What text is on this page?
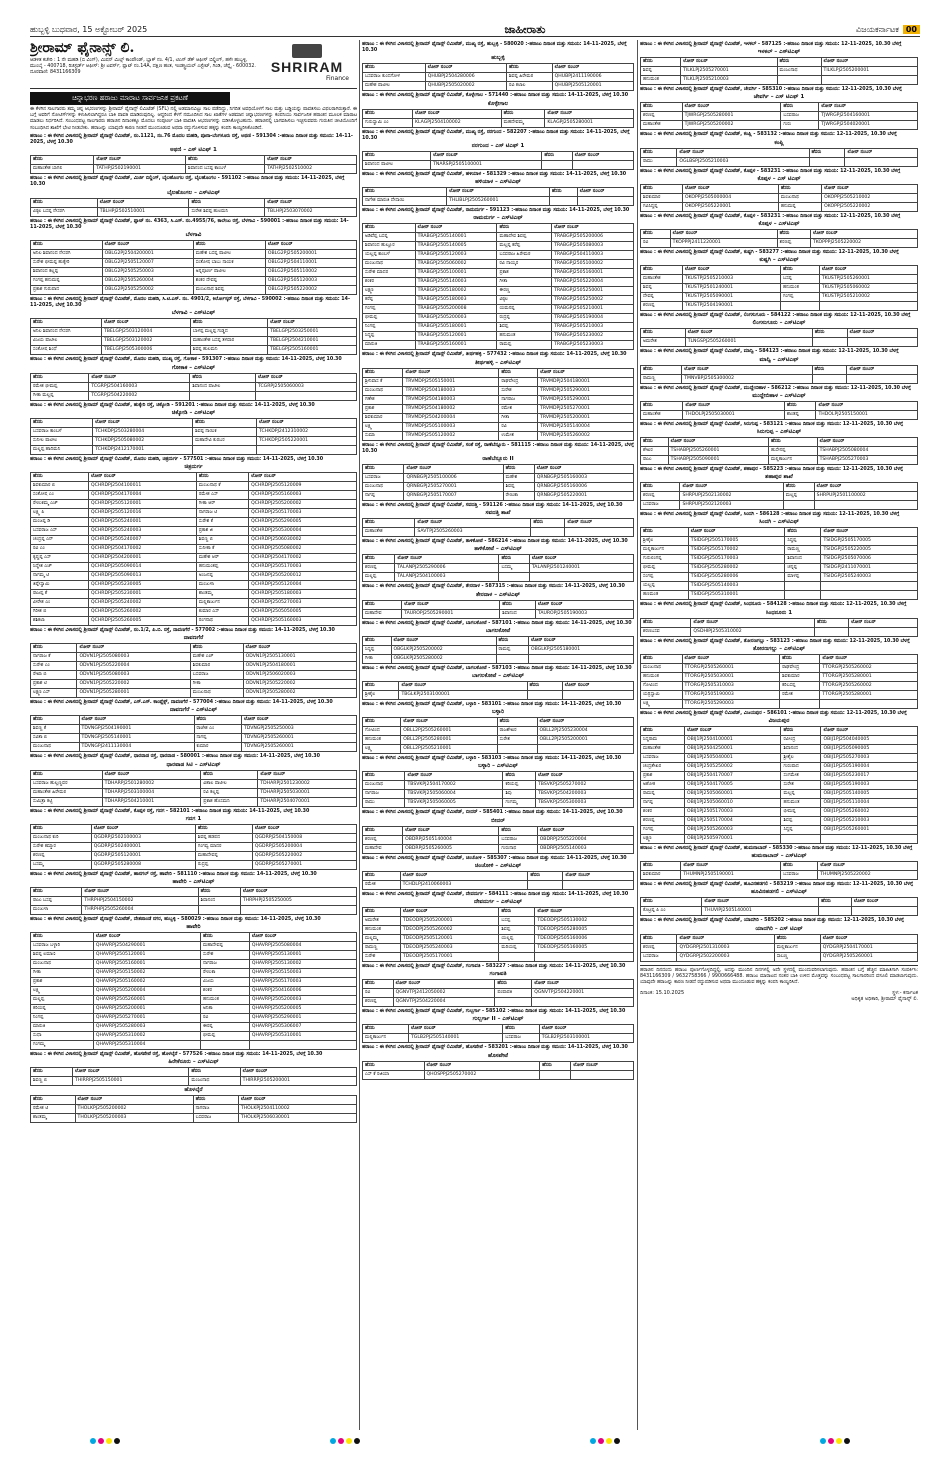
ಹುಬ್ಬಳ್ಳಿ ಬುಧವಾರ, 15 ಅಕ್ಟೋಬರ್ 2025	ಜಾಹೀರಾತು	ವಿಜಯಕರ್ನಾಟಕ 00
ಶ್ರೀರಾಮ್ ಫೈನಾನ್ಸ್ ಲಿ.
ಆಡಳಿತ ಕಚೇರಿ : 1 ನೇ ಮಹಡಿ (ಬಿ ವಿಂಗ್), ಮಿಷನ್ ಮಿಲ್ಸ್ ಕಾಂಪೌಂಡ್, ಬ್ಲಾಕ್ ನಂ. 4/1, ಟಿಎಸ್ ಡೆಕ್ ಆಫೀಸ್ ಬಿಲ್ಡಿಂಗ್, ಹಳೇ ಹುಬ್ಬಳ್ಳಿ, ಮುಂಬೈ - 400718, ರಿಜಿಸ್ಟರ್ಡ್ ಆಫೀಸ್: ಶ್ರೀ ಟವರ್ಸ್, ಪ್ಲಾಟ್ ನಂ.14A, ದಕ್ಷಿಣ ಹಂತ, ಇಂಡಸ್ಟ್ರಿಯಲ್ ಎಸ್ಟೇಟ್, ಗಿಂಡಿ, ಚೆನ್ನೈ - 600032. ದೂರವಾಣಿ: 8431166309	SHRIRAM
Finance
ಚಿನ್ನಾಭರಣ ಹರಾಜು ಮಾರಾಟ ಸಾರ್ವಜನಿಕ ಪ್ರಕಟಣೆ
ಈ ಕೆಳಗಿನ ಸಾಲಗಾರರು ತಮ್ಮ ಚಿನ್ನ ಆಭರಣಗಳನ್ನು ಶ್ರೀರಾಮ್ ಫೈನಾನ್ಸ್ ಲಿಮಿಟೆಡ್ (SFL) ನಲ್ಲಿ ಅಡಮಾನವಿಟ್ಟು ಸಾಲ ಪಡೆದಿದ್ದು, ನಿಗದಿತ ಅವಧಿಯೊಳಗೆ ಸಾಲ ಮತ್ತು ಬಡ್ಡಿಯನ್ನು ಪಾವತಿಸಲು ವಿಫಲರಾಗಿರುತ್ತಾರೆ. ಈ ಬಗ್ಗೆ ಅವರಿಗೆ ನೋಟಿಸ್‌ಗಳನ್ನು ಕಳುಹಿಸಲಾಗಿದ್ದರೂ ಬಾಕಿ ಪಾವತಿ ಮಾಡಿರುವುದಿಲ್ಲ. ಆದ್ದರಿಂದ ಕೆಳಗೆ ನಮೂದಿಸಿದ ಸಾಲ ಖಾತೆಗಳ ಅಡಮಾನ ಚಿನ್ನಾಭರಣಗಳನ್ನು ಕಂಪನಿಯು ಸಾರ್ವಜನಿಕ ಹರಾಜಿನ ಮೂಲಕ ಮಾರಾಟ ಮಾಡಲು ನಿರ್ಧರಿಸಿದೆ. ಸಂಬಂಧಪಟ್ಟ ಸಾಲಗಾರರು ಹರಾಜಿನ ದಿನಾಂಕಕ್ಕೂ ಮೊದಲು ಸಂಪೂರ್ಣ ಬಾಕಿ ಪಾವತಿಸಿ ಆಭರಣಗಳನ್ನು ಬಿಡಿಸಿಕೊಳ್ಳಬಹುದು. ಹರಾಜಿನಲ್ಲಿ ಭಾಗವಹಿಸಲು ಇಚ್ಛಿಸುವವರು ಗುರುತಿನ ಚೀಟಿಯೊಂದಿಗೆ ಸಂಬಂಧಿಸಿದ ಶಾಖೆಗೆ ಭೇಟಿ ನೀಡಬೇಕು. ಹರಾಜನ್ನು ಯಾವುದೇ ಕಾರಣ ನೀಡದೆ ಮುಂದೂಡುವ ಅಥವಾ ರದ್ದುಗೊಳಿಸುವ ಹಕ್ಕನ್ನು ಕಂಪನಿ ಕಾಯ್ದಿರಿಸಿಕೊಂಡಿದೆ.
ಹರಾಜು : ಈ ಕೆಳಗಿನ ವಿಳಾಸದಲ್ಲಿ ಶ್ರೀರಾಮ್ ಫೈನಾನ್ಸ್ ಲಿಮಿಟೆಡ್, ನಂ.1121, ನಂ.76 ಮೊದಲ ಮಹಡಿ, ಪೂನಾ-ಬೆಂಗಳೂರು ರಸ್ತೆ, ಅಥಣಿ - 591304 :-ಹರಾಜು ದಿನಾಂಕ ಮತ್ತು ಸಮಯ: 14-11-2025, ಬೆಳಗ್ಗೆ 10.30
ಅಥಣಿ – ಎಸ್ ಟಿಎಫ್ 1
ಹೆಸರು	ಲೋನ್ ನಂಬರ್	ಹೆಸರು	ಲೋನ್ ನಂಬರ್
ಮಹಾಂತೇಶ ಬಾಗಲಿ	TATHPJ2502190001	ಶಿವಾನಂದ ಬಸಪ್ಪ ಕಾಂಬಳೆ	TATHPJ2502510002
ಹರಾಜು : ಈ ಕೆಳಗಿನ ವಿಳಾಸದಲ್ಲಿ ಶ್ರೀರಾಮ್ ಫೈನಾನ್ಸ್ ಲಿಮಿಟೆಡ್, ಮಿರ್ಜಿ ಬಿಲ್ಡಿಂಗ್, ಬೈಲಹೊಂಗಲ ರಸ್ತೆ, ಬೈಲಹೊಂಗಲ - 591102 :-ಹರಾಜು ದಿನಾಂಕ ಮತ್ತು ಸಮಯ: 14-11-2025, ಬೆಳಗ್ಗೆ 10.30
ಬೈಲಹೊಂಗಲ – ಎಸ್‌ಟಿಎಫ್
ಹೆಸರು	ಲೋನ್ ನಂಬರ್	ಹೆಸರು	ಲೋನ್ ನಂಬರ್
ವಿಠ್ಠಲ ಬಸಪ್ಪ ನೇಸರಗಿ	TBLHPJ2502510001	ಸುರೇಶ ಶಿವಪ್ಪ ಹುಲಮನಿ	TBLHPJ2503070002
ಹರಾಜು : ಈ ಕೆಳಗಿನ ವಿಳಾಸದಲ್ಲಿ ಶ್ರೀರಾಮ್ ಫೈನಾನ್ಸ್ ಲಿಮಿಟೆಡ್, ಪ್ಲಾಟ್ ನಂ. 4363, ಸಿ.ಎಸ್. ನಂ.4955/76, ಕಾಲೇಜು ರಸ್ತೆ, ಬೆಳಗಾವಿ - 590001 :-ಹರಾಜು ದಿನಾಂಕ ಮತ್ತು ಸಮಯ: 14-11-2025, ಬೆಳಗ್ಗೆ 10.30
ಬೆಳಗಾವಿ
ಹೆಸರು	ಲೋನ್ ನಂಬರ್	ಹೆಸರು	ಲೋನ್ ನಂಬರ್
ಅನಿಲ ಶಿವಾನಂದ ನೇಸರಗಿ	OBLG2PJ2504200001	ಮಹೇಶ ಬಸಪ್ಪ ಪಾಟೀಲ	OBLG2PJ2505200001
ಸುರೇಶ ಭೀಮಪ್ಪ ಹುಕ್ಕೇರಿ	OBLG2PJ2505120007	ಸಂತೋಷ ಬಾಬು ನಾಯಕ	OBLG2PJ2504110001
ಶಿವಾನಂದ ಕಲ್ಲಪ್ಪ	OBLG2PJ2505250003	ಅನ್ನಪೂರ್ಣ ಪಾಟೀಲ	OBLG2PJ2505110002
ಗಂಗಪ್ಪ ಹನುಮಪ್ಪ	OBLG2PJ2505260004	ಶಂಕರ ದೇವಪ್ಪ	OBLG2PJ2505120003
ಪ್ರಕಾಶ ಗುರುಪಾದ	OBLG2PJ2505250002	ಮಂಜುನಾಥ ಶಿವಪ್ಪ	OBLG2PJ2505220002
ಹರಾಜು : ಈ ಕೆಳಗಿನ ವಿಳಾಸದಲ್ಲಿ ಶ್ರೀರಾಮ್ ಫೈನಾನ್ಸ್ ಲಿಮಿಟೆಡ್, ಮೊದಲ ಮಹಡಿ, ಸಿ.ಟಿ.ಎಸ್. ನಂ. 4901/2, ಕಿರ್ಲೋಸ್ಕರ್ ರಸ್ತೆ, ಬೆಳಗಾವಿ - 590002 :-ಹರಾಜು ದಿನಾಂಕ ಮತ್ತು ಸಮಯ: 14-11-2025, ಬೆಳಗ್ಗೆ 10.30
ಬೆಳಗಾವಿ – ಎಸ್‌ಟಿಎಫ್
ಹೆಸರು	ಲೋನ್ ನಂಬರ್	ಹೆಸರು	ಲೋನ್ ನಂಬರ್
ಅನಿಲ ಶಿವಾನಂದ ನೇಸರಗಿ	TBELGPJ2503120004	ಬಾಳಪ್ಪ ಮಲ್ಲಪ್ಪ ಗುಡ್ಡದ	TBELGPJ2503250001
ವಿಜಯ ಪಾಟೀಲ	TBELGPJ2503120002	ಮಹಾಂತೇಶ ಬಸಪ್ಪ ತಳವಾರ	TBELGPJ2504210001
ಸಂತೋಷ ಶಿಂಧೆ	TBELGPJ2505300006	ಶಿವಪ್ಪ ಹುಲಮನಿ	TBELGPJ2505160001
ಹರಾಜು : ಈ ಕೆಳಗಿನ ವಿಳಾಸದಲ್ಲಿ ಶ್ರೀರಾಮ್ ಫೈನಾನ್ಸ್ ಲಿಮಿಟೆಡ್, ಮೊದಲ ಮಹಡಿ, ಮುಖ್ಯ ರಸ್ತೆ, ಗೋಕಾಕ - 591307 :-ಹರಾಜು ದಿನಾಂಕ ಮತ್ತು ಸಮಯ: 14-11-2025, ಬೆಳಗ್ಗೆ 10.30
ಗೋಕಾಕ – ಎಸ್‌ಟಿಎಫ್
ಹೆಸರು	ಲೋನ್ ನಂಬರ್	ಹೆಸರು	ಲೋನ್ ನಂಬರ್
ರಮೇಶ ಭೀಮಪ್ಪ	TCGRPJ2504160003	ಶಿವಾನಂದ ಪಾಟೀಲ	TCGRPJ2505060003
ಗೀತಾ ಮಲ್ಲಪ್ಪ	TCGRPJ2504220002		
ಹರಾಜು : ಈ ಕೆಳಗಿನ ವಿಳಾಸದಲ್ಲಿ ಶ್ರೀರಾಮ್ ಫೈನಾನ್ಸ್ ಲಿಮಿಟೆಡ್, ಹುಕ್ಕೇರಿ ರಸ್ತೆ, ಚಿಕ್ಕೋಡಿ - 591201 :-ಹರಾಜು ದಿನಾಂಕ ಮತ್ತು ಸಮಯ: 14-11-2025, ಬೆಳಗ್ಗೆ 10.30
ಚಿಕ್ಕೋಡಿ – ಎಸ್‌ಟಿಎಫ್
ಹೆಸರು	ಲೋನ್ ನಂಬರ್	ಹೆಸರು	ಲೋನ್ ನಂಬರ್
ಬಸವರಾಜ ಕಾಂಬಳೆ	TCHKDPJ2503280004	ಶಿವಪ್ಪ ನಾಯಿಕ	TCHKDPJ2412310002
ಸುನೀಲ ಪಾಟೀಲ	TCHKDPJ2505080002	ಮಹಾದೇವಿ ಕುರಬರ	TCHKDPJ2505220001
ಮಲ್ಲಪ್ಪ ಹಾದಿಮನಿ	TCHKDPJ2412170001		
ಹರಾಜು : ಈ ಕೆಳಗಿನ ವಿಳಾಸದಲ್ಲಿ ಶ್ರೀರಾಮ್ ಫೈನಾನ್ಸ್ ಲಿಮಿಟೆಡ್, ಮೊದಲ ಮಹಡಿ, ಚಿತ್ರದುರ್ಗ - 577501 :-ಹರಾಜು ದಿನಾಂಕ ಮತ್ತು ಸಮಯ: 14-11-2025, ಬೆಳಗ್ಗೆ 10.30
ಚಿತ್ರದುರ್ಗ
ಹೆಸರು	ಲೋನ್ ನಂಬರ್	ಹೆಸರು	ಲೋನ್ ನಂಬರ್
ಶಿವಕುಮಾರ ಬಿ	QCHRDPJ2504100011	ಮಂಜುನಾಥ ಕೆ	QCHRDPJ2505120009
ಸಂತೋಷ ಎಂ	QCHRDPJ2504170004	ರಮೇಶ ಎಸ್	QCHRDPJ2505160003
ರೇಣುಕಮ್ಮ ಎಚ್	QCHRDPJ2505120001	ಗೀತಾ ಆರ್	QCHRDPJ2505200002
ಲಕ್ಷ್ಮಿ ಪಿ	QCHRDPJ2505120016	ನಾಗರಾಜ ಟಿ	QCHRDPJ2505170003
ಮಂಜಪ್ಪ ಡಿ	QCHRDPJ2505240001	ಸುರೇಶ ಕೆ	QCHRDPJ2505290005
ಬಸವರಾಜ ಎಸ್	QCHRDPJ2505240003	ಪ್ರಕಾಶ ಜಿ	QCHRDPJ2505300004
ಚಂದ್ರಪ್ಪ ಎನ್	QCHRDPJ2505240007	ಶಿವಣ್ಣ ಬಿ	QCHRDPJ2506030002
ರವಿ ಎಂ	QCHRDPJ2504170002	ಸುನೀತಾ ಕೆ	QCHRDPJ2505080002
ಕೃಷ್ಣಪ್ಪ ಎಸ್	QCHRDPJ2504200001	ಮಹೇಶ ಆರ್	QCHRDPJ2504170002
ಸಿದ್ದೇಶ ಎಚ್	QCHRDPJ2505090014	ಹನುಮಂತಪ್ಪ	QCHRDPJ2505170003
ನಾಗಮ್ಮ ಟಿ	QCHRDPJ2505090013	ಅಂಜನಪ್ಪ	QCHRDPJ2505200012
ತಿಪ್ಪೇಸ್ವಾಮಿ	QCHRDPJ2505230005	ಮಂಜುಳಾ	QCHRDPJ2505120004
ರಾಜಪ್ಪ ಕೆ	QCHRDPJ2505230001	ಶಾಂತಮ್ಮ	QCHRDPJ2505180003
ವೀರೇಶ ಎಂ	QCHRDPJ2505240002	ಮಲ್ಲಿಕಾರ್ಜುನ	QCHRDPJ2505270003
ಗಿರೀಶ ಬಿ	QCHRDPJ2505260002	ಕುಮಾರ ಎಸ್	QCHRDPJ2505050005
ಶಶಿಕಲಾ	QCHRDPJ2505260005	ರಂಗನಾಥ	QCHRDPJ2505160003
ಹರಾಜು : ಈ ಕೆಳಗಿನ ವಿಳಾಸದಲ್ಲಿ ಶ್ರೀರಾಮ್ ಫೈನಾನ್ಸ್ ಲಿಮಿಟೆಡ್, ನಂ.1/2, ಪಿ.ಬಿ. ರಸ್ತೆ, ದಾವಣಗೆರೆ - 577002 :-ಹರಾಜು ದಿನಾಂಕ ಮತ್ತು ಸಮಯ: 14-11-2025, ಬೆಳಗ್ಗೆ 10.30
ದಾವಣಗೆರೆ
ಹೆಸರು	ಲೋನ್ ನಂಬರ್	ಹೆಸರು	ಲೋನ್ ನಂಬರ್
ನಾಗರಾಜ ಕೆ	ODVN1PJ2505080003	ಮಹೇಶ ಎಚ್	ODVN1PJ2505130001
ಸುರೇಶ ಎಂ	ODVN1PJ2505220004	ಶಿವಕುಮಾರ	ODVN1PJ2504180001
ರೇಖಾ ಬಿ	ODVN1PJ2505080003	ಬಸವರಾಜ	ODVN1PJ2506020003
ಪ್ರಕಾಶ ಟಿ	ODVN1PJ2505220002	ಗೀತಾ	ODVN1PJ2505220002
ಲಕ್ಷ್ಮಣ ಎಸ್	ODVN1PJ2505280001	ಮಂಜುನಾಥ	ODVN1PJ2505280002
ಹರಾಜು : ಈ ಕೆಳಗಿನ ವಿಳಾಸದಲ್ಲಿ ಶ್ರೀರಾಮ್ ಫೈನಾನ್ಸ್ ಲಿಮಿಟೆಡ್, ಎಸ್.ಎಸ್. ಕಾಂಪ್ಲೆಕ್ಸ್, ದಾವಣಗೆರೆ - 577004 :-ಹರಾಜು ದಿನಾಂಕ ಮತ್ತು ಸಮಯ: 14-11-2025, ಬೆಳಗ್ಗೆ 10.30
ದಾವಣಗೆರೆ – ಎಸ್‌ಟಿಎಫ್
ಹೆಸರು	ಲೋನ್ ನಂಬರ್	ಹೆಸರು	ಲೋನ್ ನಂಬರ್
ಶಿವಣ್ಣ ಕೆ	TDVNGPJ2504190001	ರಾಜೇಶ ಎಂ	TDVNGPJ2505250003
ಸವಿತಾ ಬಿ	TDVNGPJ2505140001	ನಾಗಪ್ಪ	TDVNGPJ2505260001
ಮಂಜುನಾಥ	TDVNGPJ2411130004	ಕುಮಾರ	TDVNGPJ2505260001
ಹರಾಜು : ಈ ಕೆಳಗಿನ ವಿಳಾಸದಲ್ಲಿ ಶ್ರೀರಾಮ್ ಫೈನಾನ್ಸ್ ಲಿಮಿಟೆಡ್, ಧಾರವಾಡ ರಸ್ತೆ, ಧಾರವಾಡ - 580001 :-ಹರಾಜು ದಿನಾಂಕ ಮತ್ತು ಸಮಯ: 14-11-2025, ಬೆಳಗ್ಗೆ 10.30
ಧಾರವಾಡ ಸಿಟಿ – ಎಸ್‌ಟಿಎಫ್
ಹೆಸರು	ಲೋನ್ ನಂಬರ್	ಹೆಸರು	ಲೋನ್ ನಂಬರ್
ಬಸವರಾಜ ಹುಲ್ಲಣ್ಣವರ	TDHARPJ2501280002	ವಿಶಾಲ ಪಾಟೀಲ	TDHARPJ2501230002
ಮಹಾಂತೇಶ ಹಿರೇಮಠ	TDHARPJ2503100004	ರವಿ ಕಲ್ಲಪ್ಪ	TDHARPJ2505030001
ಸುಮಿತ್ರಾ ಕಟ್ಟಿ	TDHARPJ2504210001	ಪ್ರಕಾಶ ಹೊಸಮನಿ	TDHARPJ2504070001
ಹರಾಜು : ಈ ಕೆಳಗಿನ ವಿಳಾಸದಲ್ಲಿ ಶ್ರೀರಾಮ್ ಫೈನಾನ್ಸ್ ಲಿಮಿಟೆಡ್, ಕೊಪ್ಪಳ ರಸ್ತೆ, ಗದಗ - 582101 :-ಹರಾಜು ದಿನಾಂಕ ಮತ್ತು ಸಮಯ: 14-11-2025, ಬೆಳಗ್ಗೆ 10.30
ಗದಗ 1
ಹೆಸರು	ಲೋನ್ ನಂಬರ್	ಹೆಸರು	ಲೋನ್ ನಂಬರ್
ಮಂಜುನಾಥ ಕುರಿ	QGDRPJ2502100003	ಶಿವಪ್ಪ ಹಡಪದ	QGDRPJ2504150008
ಸುರೇಶ ಕಮ್ಮಾರ	QGDRPJ2502400001	ಗಂಗವ್ವ ಮಾದರ	QGDRPJ2505200004
ಶರಣಪ್ಪ	QGDRPJ2505120001	ಮಹಾದೇವಪ್ಪ	QGDRPJ2505220002
ಬಸಮ್ಮ	QGDRPJ2505280008	ರುದ್ರಪ್ಪ	QGDRPJ2505270001
ಹರಾಜು : ಈ ಕೆಳಗಿನ ವಿಳಾಸದಲ್ಲಿ ಶ್ರೀರಾಮ್ ಫೈನಾನ್ಸ್ ಲಿಮಿಟೆಡ್, ಹಾನಗಲ್ ರಸ್ತೆ, ಹಾವೇರಿ - 581110 :-ಹರಾಜು ದಿನಾಂಕ ಮತ್ತು ಸಮಯ: 14-11-2025, ಬೆಳಗ್ಗೆ 10.30
ಹಾವೇರಿ – ಎಸ್‌ಟಿಎಫ್
ಹೆಸರು	ಲೋನ್ ನಂಬರ್	ಹೆಸರು	ಲೋನ್ ನಂಬರ್
ರಾಜು ಬಸಪ್ಪ	THRPHPJ2504150002	ಶಿವಾನಂದ	THRPHPJ2505250005
ಮಂಜುಳಾ	THRPHPJ2505260004		
ಹರಾಜು : ಈ ಕೆಳಗಿನ ವಿಳಾಸದಲ್ಲಿ ಶ್ರೀರಾಮ್ ಫೈನಾನ್ಸ್ ಲಿಮಿಟೆಡ್, ದೇಶಪಾಂಡೆ ನಗರ, ಹುಬ್ಬಳ್ಳಿ - 580029 :-ಹರಾಜು ದಿನಾಂಕ ಮತ್ತು ಸಮಯ: 14-11-2025, ಬೆಳಗ್ಗೆ 10.30
ಹಾವೇರಿ
ಹೆಸರು	ಲೋನ್ ನಂಬರ್	ಹೆಸರು	ಲೋನ್ ನಂಬರ್
ಬಸವರಾಜ ಬಳ್ಳಾರಿ	QHAVRPJ2504290001	ಮಹಾದೇವಪ್ಪ	QHAVRPJ2505080004
ಶಿವಪ್ಪ ಲಮಾಣಿ	QHAVRPJ2505120001	ಸುರೇಶ	QHAVRPJ2505130001
ಮಂಜುನಾಥ	QHAVRPJ2505160001	ನಾಗರಾಜ	QHAVRPJ2505130002
ಗೀತಾ	QHAVRPJ2505150002	ರೇಣುಕಾ	QHAVRPJ2505150003
ಪ್ರಕಾಶ	QHAVRPJ2505160002	ವಿಜಯ	QHAVRPJ2505170003
ಲಕ್ಷ್ಮಿ	QHAVRPJ2505200004	ಶಂಕರ	QHAVRPJ2504160006
ಮಲ್ಲಪ್ಪ	QHAVRPJ2505260001	ಹನುಮಂತ	QHAVRPJ2505200003
ಕರಿಯಪ್ಪ	QHAVRPJ2505200001	ಅನಿತಾ	QHAVRPJ2505200005
ನಿಂಗಪ್ಪ	QHAVRPJ2505270001	ರವಿ	QHAVRPJ2505290001
ಮಾರುತಿ	QHAVRPJ2505280003	ಈರಪ್ಪ	QHAVRPJ2505306007
ಸುಧಾ	QHAVRPJ2505310002	ಭೀಮಪ್ಪ	QHAVRPJ2505310001
ಗಂಗಮ್ಮ	QHAVRPJ2505310004		
ಹರಾಜು : ಈ ಕೆಳಗಿನ ವಿಳಾಸದಲ್ಲಿ ಶ್ರೀರಾಮ್ ಫೈನಾನ್ಸ್ ಲಿಮಿಟೆಡ್, ಹೊಸಪೇಟೆ ರಸ್ತೆ, ಹೊಳಲ್ಕೆರೆ - 577526 :-ಹರಾಜು ದಿನಾಂಕ ಮತ್ತು ಸಮಯ: 14-11-2025, ಬೆಳಗ್ಗೆ 10.30
ಹಿರೇಕೆರೂರು – ಎಸ್‌ಟಿಎಫ್
ಹೆಸರು	ಲೋನ್ ನಂಬರ್	ಹೆಸರು	ಲೋನ್ ನಂಬರ್
ಶಿವಣ್ಣ ಬಿ	THIRRPJ2505150001	ಮಂಜುನಾಥ	THIRRPJ2505200001
ಹೊಳಲ್ಕೆರೆ
ಹೆಸರು	ಲೋನ್ ನಂಬರ್	ಹೆಸರು	ಲೋನ್ ನಂಬರ್
ರಮೇಶ ಟಿ	THOLKPJ2505200002	ನಾಗರಾಜ	THOLKPJ2504110002
ಶಾಂತಮ್ಮ	THOLKPJ2505200003	ಬಸವರಾಜ	THOLKPJ2506030001
ಹರಾಜು : ಈ ಕೆಳಗಿನ ವಿಳಾಸದಲ್ಲಿ ಶ್ರೀರಾಮ್ ಫೈನಾನ್ಸ್ ಲಿಮಿಟೆಡ್, ಮುಖ್ಯ ರಸ್ತೆ, ಹುಬ್ಬಳ್ಳಿ - 580020 :-ಹರಾಜು ದಿನಾಂಕ ಮತ್ತು ಸಮಯ: 14-11-2025, ಬೆಳಗ್ಗೆ 10.30
ಹುಬ್ಬಳ್ಳಿ
ಹೆಸರು	ಲೋನ್ ನಂಬರ್	ಹೆಸರು	ಲೋನ್ ನಂಬರ್
ಬಸವರಾಜ ಕುಂದಗೋಳ	QHUBPJ2504280006	ಶಿವಪ್ಪ ಹಿರೇಮಠ	QHUBPJ2411190006
ಮಹೇಶ ಪಾಟೀಲ	QHUBPJ2505020002	ರವಿ ಕಲಾಲ	QHUBPJ2505120001
ಹರಾಜು : ಈ ಕೆಳಗಿನ ವಿಳಾಸದಲ್ಲಿ ಶ್ರೀರಾಮ್ ಫೈನಾನ್ಸ್ ಲಿಮಿಟೆಡ್, ಕೊಳ್ಳೇಗಾಲ - 571440 :-ಹರಾಜು ದಿನಾಂಕ ಮತ್ತು ಸಮಯ: 14-11-2025, ಬೆಳಗ್ಗೆ 10.30
ಕೊಳ್ಳೇಗಾಲ
ಹೆಸರು	ಲೋನ್ ನಂಬರ್	ಹೆಸರು	ಲೋನ್ ನಂಬರ್
ಗುರುಸ್ವಾಮಿ ಎಂ	KLAGPJ2504100002	ಮಹದೇವಮ್ಮ	KLAGPJ2505280001
ಹರಾಜು : ಈ ಕೆಳಗಿನ ವಿಳಾಸದಲ್ಲಿ ಶ್ರೀರಾಮ್ ಫೈನಾನ್ಸ್ ಲಿಮಿಟೆಡ್, ಮುಖ್ಯ ರಸ್ತೆ, ನರಗುಂದ - 582207 :-ಹರಾಜು ದಿನಾಂಕ ಮತ್ತು ಸಮಯ: 14-11-2025, ಬೆಳಗ್ಗೆ 10.30
ನರಗುಂದ – ಎಸ್ ಟಿಎಫ್ 1
ಹೆಸರು	ಲೋನ್ ನಂಬರ್	ಹೆಸರು	ಲೋನ್ ನಂಬರ್
ಶಿವಾನಂದ ಪಾಟೀಲ	TNARSPJ2505100001		
ಹರಾಜು : ಈ ಕೆಳಗಿನ ವಿಳಾಸದಲ್ಲಿ ಶ್ರೀರಾಮ್ ಫೈನಾನ್ಸ್ ಲಿಮಿಟೆಡ್, ಹಳಿಯಾಳ - 581329 :-ಹರಾಜು ದಿನಾಂಕ ಮತ್ತು ಸಮಯ: 14-11-2025, ಬೆಳಗ್ಗೆ 10.30
ಹಳಿಯಾಳ – ಎಸ್‌ಟಿಎಫ್
ಹೆಸರು	ಲೋನ್ ನಂಬರ್	ಹೆಸರು	ಲೋನ್ ನಂಬರ್
ನಾಗೇಶ ಮಾರುತಿ ದೇಸಾಯಿ	THLIBLPJ2505260001		
ಹರಾಜು : ಈ ಕೆಳಗಿನ ವಿಳಾಸದಲ್ಲಿ ಶ್ರೀರಾಮ್ ಫೈನಾನ್ಸ್ ಲಿಮಿಟೆಡ್, ರಾಮದುರ್ಗ - 591123 :-ಹರಾಜು ದಿನಾಂಕ ಮತ್ತು ಸಮಯ: 14-11-2025, ಬೆಳಗ್ಗೆ 10.30
ರಾಮದುರ್ಗ – ಎಸ್‌ಟಿಎಫ್
ಹೆಸರು	ಲೋನ್ ನಂಬರ್	ಹೆಸರು	ಲೋನ್ ನಂಬರ್
ಅಡಿವೆಪ್ಪ ಬಸಪ್ಪ	TRABGPJ2505140001	ಮಹಾದೇವ ಶಿವಪ್ಪ	TRABGPJ2505200006
ಶಿವಾನಂದ ಹುಲ್ಲೂರ	TRABGPJ2505140005	ಮಲ್ಲಪ್ಪ ಕರೆಪ್ಪ	TRABGPJ2505080003
ಯಲ್ಲಪ್ಪ ಕಾಂಬಳೆ	TRABGPJ2505120003	ಬಸವರಾಜ ಹಿರೇಮಠ	TRABGPJ2504110003
ಮಂಜುನಾಥ	TRABGPJ2505060002	ರವಿ ನಾಯ್ಕರ	TRABGPJ2505100002
ಸುರೇಶ ಮಾದರ	TRABGPJ2505100001	ಪ್ರಕಾಶ	TRABGPJ2505160001
ಶಂಕರ	TRABGPJ2505140003	ಗೀತಾ	TRABGPJ2505220004
ಲಕ್ಷ್ಮಣ	TRABGPJ2505180002	ಈರಣ್ಣ	TRABGPJ2505250001
ಕರೆಪ್ಪ	TRABGPJ2505180003	ವಿಠ್ಠಲ	TRABGPJ2505250002
ಗಂಗಪ್ಪ	TRABGPJ2505200008	ಯಮನಪ್ಪ	TRABGPJ2505210001
ಭೀಮಪ್ಪ	TRABGPJ2505200003	ರುದ್ರಪ್ಪ	TRABGPJ2505190004
ನಿಂಗಪ್ಪ	TRABGPJ2505180001	ಶಿವಪ್ಪ	TRABGPJ2505210003
ಸಿದ್ದಪ್ಪ	TRABGPJ2505120001	ಹನುಮಂತ	TRABGPJ2505230002
ಮಾರುತಿ	TRABGPJ2505160001	ರಾಮಪ್ಪ	TRABGPJ2505230003
ಹರಾಜು : ಈ ಕೆಳಗಿನ ವಿಳಾಸದಲ್ಲಿ ಶ್ರೀರಾಮ್ ಫೈನಾನ್ಸ್ ಲಿಮಿಟೆಡ್, ತೀರ್ಥಹಳ್ಳಿ - 577432 :-ಹರಾಜು ದಿನಾಂಕ ಮತ್ತು ಸಮಯ: 14-11-2025, ಬೆಳಗ್ಗೆ 10.30
ತೀರ್ಥಹಳ್ಳಿ – ಎಸ್‌ಟಿಎಫ್
ಹೆಸರು	ಲೋನ್ ನಂಬರ್	ಹೆಸರು	ಲೋನ್ ನಂಬರ್
ಶ್ರೀನಿವಾಸ ಕೆ	TRVMDPJ2505150001	ರಾಘವೇಂದ್ರ	TRVMDPJ2504180001
ಮಂಜುನಾಥ	TRVMDPJ2504180003	ಸುರೇಶ	TRVMDPJ2505290001
ಗಣೇಶ	TRVMDPJ2504180003	ನಾಗರಾಜ	TRVMDPJ2505290001
ಪ್ರಕಾಶ	TRVMDPJ2504180002	ರಮೇಶ	TRVMDPJ2505270001
ಶಿವಕುಮಾರ	TRVMDPJ2504200004	ಗೀತಾ	TRVMDPJ2505200001
ಲಕ್ಷ್ಮಿ	TRVMDPJ2505100003	ರವಿ	TRVMDPJ2505140004
ಸುಮಾ	TRVMDPJ2505120002	ಉಮೇಶ	TRVMDPJ2505260002
ಹರಾಜು : ಈ ಕೆಳಗಿನ ವಿಳಾಸದಲ್ಲಿ ಶ್ರೀರಾಮ್ ಫೈನಾನ್ಸ್ ಲಿಮಿಟೆಡ್, ಸಂತೆ ರಸ್ತೆ, ರಾಣೆಬೆನ್ನೂರು - 581115 :-ಹರಾಜು ದಿನಾಂಕ ಮತ್ತು ಸಮಯ: 14-11-2025, ಬೆಳಗ್ಗೆ 10.30
ರಾಣೆಬೆನ್ನೂರು II
ಹೆಸರು	ಲೋನ್ ನಂಬರ್	ಹೆಸರು	ಲೋನ್ ನಂಬರ್
ಬಸವರಾಜ	QRNBGPJ2505100006	ಮಹೇಶ	QRNBGPJ2505160003
ಮಂಜುನಾಥ	QRNBGPJ2505270001	ಶಿವಪ್ಪ	QRNBGPJ2505160006
ನಾಗಪ್ಪ	QRNBGPJ2505170007	ರೇಣುಕಾ	QRNBGPJ2505220001
ಹರಾಜು : ಈ ಕೆಳಗಿನ ವಿಳಾಸದಲ್ಲಿ ಶ್ರೀರಾಮ್ ಫೈನಾನ್ಸ್ ಲಿಮಿಟೆಡ್, ಸವದತ್ತಿ - 591126 :-ಹರಾಜು ದಿನಾಂಕ ಮತ್ತು ಸಮಯ: 14-11-2025, ಬೆಳಗ್ಗೆ 10.30
ಸವದತ್ತಿ ಶಾಖೆ
ಹೆಸರು	ಲೋನ್ ನಂಬರ್	ಹೆಸರು	ಲೋನ್ ನಂಬರ್
ಮಹಾಂತೇಶ	SAVTPJ2505260003		
ಹರಾಜು : ಈ ಕೆಳಗಿನ ವಿಳಾಸದಲ್ಲಿ ಶ್ರೀರಾಮ್ ಫೈನಾನ್ಸ್ ಲಿಮಿಟೆಡ್, ತಾಳಿಕೋಟೆ - 586214 :-ಹರಾಜು ದಿನಾಂಕ ಮತ್ತು ಸಮಯ: 14-11-2025, ಬೆಳಗ್ಗೆ 10.30
ತಾಳಿಕೋಟೆ – ಎಸ್‌ಟಿಎಫ್
ಹೆಸರು	ಲೋನ್ ನಂಬರ್	ಹೆಸರು	ಲೋನ್ ನಂಬರ್
ಶರಣಪ್ಪ	TALANPJ2505290006	ಬಸಮ್ಮ	TALANPJ2501240001
ಮಲ್ಲಪ್ಪ	TALANPJ2504100003		
ಹರಾಜು : ಈ ಕೆಳಗಿನ ವಿಳಾಸದಲ್ಲಿ ಶ್ರೀರಾಮ್ ಫೈನಾನ್ಸ್ ಲಿಮಿಟೆಡ್, ತೇರದಾಳ - 587315 :-ಹರಾಜು ದಿನಾಂಕ ಮತ್ತು ಸಮಯ: 14-11-2025, ಬೆಳಗ್ಗೆ 10.30
ತೇರದಾಳ – ಎಸ್‌ಟಿಎಫ್
ಹೆಸರು	ಲೋನ್ ನಂಬರ್	ಹೆಸರು	ಲೋನ್ ನಂಬರ್
ಮಹಾದೇವ	TAUROPJ2505290001	ಶಿವಾನಂದ	TAUROPJ2505190003
ಹರಾಜು : ಈ ಕೆಳಗಿನ ವಿಳಾಸದಲ್ಲಿ ಶ್ರೀರಾಮ್ ಫೈನಾನ್ಸ್ ಲಿಮಿಟೆಡ್, ಬಾಗಲಕೋಟೆ - 587101 :-ಹರಾಜು ದಿನಾಂಕ ಮತ್ತು ಸಮಯ: 14-11-2025, ಬೆಳಗ್ಗೆ 10.30
ಬಾಗಲಕೋಟೆ
ಹೆಸರು	ಲೋನ್ ನಂಬರ್	ಹೆಸರು	ಲೋನ್ ನಂಬರ್
ಸಿದ್ದಪ್ಪ	OBGLKPJ2505200002	ರಾಮಪ್ಪ	OBGLKPJ2505180001
ಗೀತಾ	OBGLKPJ2505280002		
ಹರಾಜು : ಈ ಕೆಳಗಿನ ವಿಳಾಸದಲ್ಲಿ ಶ್ರೀರಾಮ್ ಫೈನಾನ್ಸ್ ಲಿಮಿಟೆಡ್, ಬಾಗಲಕೋಟೆ - 587103 :-ಹರಾಜು ದಿನಾಂಕ ಮತ್ತು ಸಮಯ: 14-11-2025, ಬೆಳಗ್ಗೆ 10.30
ಬಾಗಲಕೋಟೆ – ಎಸ್‌ಟಿಎಫ್
ಹೆಸರು	ಲೋನ್ ನಂಬರ್	ಹೆಸರು	ಲೋನ್ ನಂಬರ್
ಶ್ರೀಶೈಲ	TBGLKPJ2503100001		
ಹರಾಜು : ಈ ಕೆಳಗಿನ ವಿಳಾಸದಲ್ಲಿ ಶ್ರೀರಾಮ್ ಫೈನಾನ್ಸ್ ಲಿಮಿಟೆಡ್, ಬಳ್ಳಾರಿ - 583101 :-ಹರಾಜು ದಿನಾಂಕ ಮತ್ತು ಸಮಯ: 14-11-2025, ಬೆಳಗ್ಗೆ 10.30
ಬಳ್ಳಾರಿ
ಹೆಸರು	ಲೋನ್ ನಂಬರ್	ಹೆಸರು	ಲೋನ್ ನಂಬರ್
ಗೋವಿಂದ	OBLL2PJ2505260001	ರಾಜಶೇಖರ	OBLL2PJ2505230004
ಹನುಮಂತ	OBLL2PJ2505280001	ಸುರೇಶ	OBLL2PJ2505200001
ಲಕ್ಷ್ಮಿ	OBLL2PJ2505210001		
ಹರಾಜು : ಈ ಕೆಳಗಿನ ವಿಳಾಸದಲ್ಲಿ ಶ್ರೀರಾಮ್ ಫೈನಾನ್ಸ್ ಲಿಮಿಟೆಡ್, ಬಳ್ಳಾರಿ - 583103 :-ಹರಾಜು ದಿನಾಂಕ ಮತ್ತು ಸಮಯ: 14-11-2025, ಬೆಳಗ್ಗೆ 10.30
ಬಳ್ಳಾರಿ – ಎಸ್‌ಟಿಎಫ್
ಹೆಸರು	ಲೋನ್ ನಂಬರ್	ಹೆಸರು	ಲೋನ್ ನಂಬರ್
ಮಂಜುನಾಥ	TBSVKPJ2504170002	ಕರಿಯಪ್ಪ	TBSVKPJ2505270002
ನಾಗರಾಜ	TBSVKPJ2505060004	ಶಿವು	TBSVKPJ2504200003
ರಾಮು	TBSVKPJ2505060005	ಗಂಗಮ್ಮ	TBSVKPJ2505300003
ಹರಾಜು : ಈ ಕೆಳಗಿನ ವಿಳಾಸದಲ್ಲಿ ಶ್ರೀರಾಮ್ ಫೈನಾನ್ಸ್ ಲಿಮಿಟೆಡ್, ಬೀದರ್ - 585401 :-ಹರಾಜು ದಿನಾಂಕ ಮತ್ತು ಸಮಯ: 14-11-2025, ಬೆಳಗ್ಗೆ 10.30
ಬೀದರ್
ಹೆಸರು	ಲೋನ್ ನಂಬರ್	ಹೆಸರು	ಲೋನ್ ನಂಬರ್
ಶರಣಪ್ಪ	OBDRPJ2505140004	ಬಸವರಾಜ	OBDRPJ2505220004
ಮಹಾದೇವ	OBDRPJ2505260005	ಗುರುನಾಥ	OBDRPJ2505140003
ಹರಾಜು : ಈ ಕೆಳಗಿನ ವಿಳಾಸದಲ್ಲಿ ಶ್ರೀರಾಮ್ ಫೈನಾನ್ಸ್ ಲಿಮಿಟೆಡ್, ಚಿಂಚೋಳಿ - 585307 :-ಹರಾಜು ದಿನಾಂಕ ಮತ್ತು ಸಮಯ: 14-11-2025, ಬೆಳಗ್ಗೆ 10.30
ಚಿಂಚೋಳಿ – ಎಸ್‌ಟಿಎಫ್
ಹೆಸರು	ಲೋನ್ ನಂಬರ್	ಹೆಸರು	ಲೋನ್ ನಂಬರ್
ರಮೇಶ	TCHDLPJ2410060003		
ಹರಾಜು : ಈ ಕೆಳಗಿನ ವಿಳಾಸದಲ್ಲಿ ಶ್ರೀರಾಮ್ ಫೈನಾನ್ಸ್ ಲಿಮಿಟೆಡ್, ದೇವದುರ್ಗ - 584111 :-ಹರಾಜು ದಿನಾಂಕ ಮತ್ತು ಸಮಯ: 14-11-2025, ಬೆಳಗ್ಗೆ 10.30
ದೇವದುರ್ಗ – ಎಸ್‌ಟಿಎಫ್
ಹೆಸರು	ಲೋನ್ ನಂಬರ್	ಹೆಸರು	ಲೋನ್ ನಂಬರ್
ಅಮರೇಶ	TDEODPJ2505200001	ಬಸಪ್ಪ	TDEODPJ2505130002
ಹನುಮಂತ	TDEODPJ2505260002	ಶಿವಪ್ಪ	TDEODPJ2505280005
ಮಲ್ಲಮ್ಮ	TDEODPJ2505120001	ಯಲ್ಲಪ್ಪ	TDEODPJ2505160006
ರಾಮಣ್ಣ	TDEODPJ2505240003	ಮರಿಯಪ್ಪ	TDEODPJ2505160005
ಸುರೇಶ	TDEODPJ2505170001		
ಹರಾಜು : ಈ ಕೆಳಗಿನ ವಿಳಾಸದಲ್ಲಿ ಶ್ರೀರಾಮ್ ಫೈನಾನ್ಸ್ ಲಿಮಿಟೆಡ್, ಗಂಗಾವತಿ - 583227 :-ಹರಾಜು ದಿನಾಂಕ ಮತ್ತು ಸಮಯ: 14-11-2025, ಬೆಳಗ್ಗೆ 10.30
ಗಂಗಾವತಿ
ಹೆಸರು	ಲೋನ್ ನಂಬರ್	ಹೆಸರು	ಲೋನ್ ನಂಬರ್
ರವಿ	QGNVTPJ2412050002	ಪಂಪಾಪತಿ	QGNVTPJ2504220001
ಶರಣಪ್ಪ	QGNVTPJ2504220004		
ಹರಾಜು : ಈ ಕೆಳಗಿನ ವಿಳಾಸದಲ್ಲಿ ಶ್ರೀರಾಮ್ ಫೈನಾನ್ಸ್ ಲಿಮಿಟೆಡ್, ಗುಲ್ಬರ್ಗಾ - 585102 :-ಹರಾಜು ದಿನಾಂಕ ಮತ್ತು ಸಮಯ: 14-11-2025, ಬೆಳಗ್ಗೆ 10.30
ಗುಲ್ಬರ್ಗಾ II – ಎಸ್‌ಟಿಎಫ್
ಹೆಸರು	ಲೋನ್ ನಂಬರ್	ಹೆಸರು	ಲೋನ್ ನಂಬರ್
ಮಲ್ಲಿಕಾರ್ಜುನ	TGLB2PJ2505140001	ಬಸವರಾಜ	TGLB2PJ2503100001
ಹರಾಜು : ಈ ಕೆಳಗಿನ ವಿಳಾಸದಲ್ಲಿ ಶ್ರೀರಾಮ್ ಫೈನಾನ್ಸ್ ಲಿಮಿಟೆಡ್, ಹೊಸಪೇಟೆ - 583201 :-ಹರಾಜು ದಿನಾಂಕ ಮತ್ತು ಸಮಯ: 14-11-2025, ಬೆಳಗ್ಗೆ 10.30
ಹೊಸಪೇಟೆ
ಹೆಸರು	ಲೋನ್ ನಂಬರ್	ಹೆಸರು	ಲೋನ್ ನಂಬರ್
ಎಸ್ ಕೆ ರಜಿಯಾ	QHOSPPJ2505270002		
ಹರಾಜು : ಈ ಕೆಳಗಿನ ವಿಳಾಸದಲ್ಲಿ ಶ್ರೀರಾಮ್ ಫೈನಾನ್ಸ್ ಲಿಮಿಟೆಡ್, ಇಳಕಲ್ - 587125 :-ಹರಾಜು ದಿನಾಂಕ ಮತ್ತು ಸಮಯ: 12-11-2025, 10.30 ಬೆಳಗ್ಗೆ
ಇಳಕಲ್ – ಎಸ್‌ಟಿಎಫ್
ಹೆಸರು	ಲೋನ್ ನಂಬರ್	ಹೆಸರು	ಲೋನ್ ನಂಬರ್
ಶಿವಪ್ಪ	TILKLPJ2505270001	ಮಂಜುನಾಥ	TILKLPJ2505200001
ಹನುಮಂತ	TILKLPJ2505210003		
ಹರಾಜು : ಈ ಕೆಳಗಿನ ವಿಳಾಸದಲ್ಲಿ ಶ್ರೀರಾಮ್ ಫೈನಾನ್ಸ್ ಲಿಮಿಟೆಡ್, ಜೇವರ್ಗಿ - 585310 :-ಹರಾಜು ದಿನಾಂಕ ಮತ್ತು ಸಮಯ: 12-11-2025, 10.30 ಬೆಳಗ್ಗೆ
ಜೇವರ್ಗಿ – ಎಸ್ ಟಿಎಫ್ 1
ಹೆಸರು	ಲೋನ್ ನಂಬರ್	ಹೆಸರು	ಲೋನ್ ನಂಬರ್
ಶರಣಪ್ಪ	TJWRGPJ2505280001	ಬಸವರಾಜ	TJWRGPJ2504160001
ಮಹಾಂತೇಶ	TJWRGPJ2505200002	ಗುರು	TJWRGPJ2504020001
ಹರಾಜು : ಈ ಕೆಳಗಿನ ವಿಳಾಸದಲ್ಲಿ ಶ್ರೀರಾಮ್ ಫೈನಾನ್ಸ್ ಲಿಮಿಟೆಡ್, ಕಂಪ್ಲಿ - 583132 :-ಹರಾಜು ದಿನಾಂಕ ಮತ್ತು ಸಮಯ: 12-11-2025, 10.30 ಬೆಳಗ್ಗೆ
ಕಂಪ್ಲಿ
ಹೆಸರು	ಲೋನ್ ನಂಬರ್	ಹೆಸರು	ಲೋನ್ ನಂಬರ್
ರಾಮು	OGLBSPJ2505210003		
ಹರಾಜು : ಈ ಕೆಳಗಿನ ವಿಳಾಸದಲ್ಲಿ ಶ್ರೀರಾಮ್ ಫೈನಾನ್ಸ್ ಲಿಮಿಟೆಡ್, ಕೊಪ್ಪಳ - 583231 :-ಹರಾಜು ದಿನಾಂಕ ಮತ್ತು ಸಮಯ: 12-11-2025, 10.30 ಬೆಳಗ್ಗೆ
ಕೊಪ್ಪಳ – ಎಸ್ ಟಿಎಫ್
ಹೆಸರು	ಲೋನ್ ನಂಬರ್	ಹೆಸರು	ಲೋನ್ ನಂಬರ್
ಶಿವಕುಮಾರ	OKOPPJ2505000004	ಮಂಜುನಾಥ	OKOPPJ2505210002
ಗವಿಸಿದ್ದಪ್ಪ	OKOPPJ2505220001	ಹನುಮಪ್ಪ	OKOPPJ2505220002
ಹರಾಜು : ಈ ಕೆಳಗಿನ ವಿಳಾಸದಲ್ಲಿ ಶ್ರೀರಾಮ್ ಫೈನಾನ್ಸ್ ಲಿಮಿಟೆಡ್, ಕೊಪ್ಪಳ - 583231 :-ಹರಾಜು ದಿನಾಂಕ ಮತ್ತು ಸಮಯ: 12-11-2025, 10.30 ಬೆಳಗ್ಗೆ
ಕೊಪ್ಪಳ – ಎಸ್‌ಟಿಎಫ್
ಹೆಸರು	ಲೋನ್ ನಂಬರ್	ಹೆಸರು	ಲೋನ್ ನಂಬರ್
ರವಿ	TKOPPPJ2411220001	ಶರಣಪ್ಪ	TKOPPPJ2505220002
ಹರಾಜು : ಈ ಕೆಳಗಿನ ವಿಳಾಸದಲ್ಲಿ ಶ್ರೀರಾಮ್ ಫೈನಾನ್ಸ್ ಲಿಮಿಟೆಡ್, ಕುಷ್ಟಗಿ - 583277 :-ಹರಾಜು ದಿನಾಂಕ ಮತ್ತು ಸಮಯ: 12-11-2025, 10.30 ಬೆಳಗ್ಗೆ
ಕುಷ್ಟಗಿ – ಎಸ್‌ಟಿಎಫ್
ಹೆಸರು	ಲೋನ್ ನಂಬರ್	ಹೆಸರು	ಲೋನ್ ನಂಬರ್
ಮಹಾಂತೇಶ	TKUSTPJ2505210003	ಬಸಪ್ಪ	TKUSTPJ2505260001
ಶಿವಪ್ಪ	TKUSTPJ2501240001	ಹನುಮಂತ	TKUSTPJ2505060002
ದೇವಪ್ಪ	TKUSTPJ2505090001	ಗಂಗಪ್ಪ	TKUSTPJ2505210002
ಶರಣಪ್ಪ	TKUSTPJ2504190001		
ಹರಾಜು : ಈ ಕೆಳಗಿನ ವಿಳಾಸದಲ್ಲಿ ಶ್ರೀರಾಮ್ ಫೈನಾನ್ಸ್ ಲಿಮಿಟೆಡ್, ಲಿಂಗಸುಗೂರು - 584122 :-ಹರಾಜು ದಿನಾಂಕ ಮತ್ತು ಸಮಯ: 12-11-2025, 10.30 ಬೆಳಗ್ಗೆ
ಲಿಂಗಸುಗೂರು – ಎಸ್‌ಟಿಎಫ್
ಹೆಸರು	ಲೋನ್ ನಂಬರ್	ಹೆಸರು	ಲೋನ್ ನಂಬರ್
ಅಮರೇಶ	TLNGSPJ2505260001		
ಹರಾಜು : ಈ ಕೆಳಗಿನ ವಿಳಾಸದಲ್ಲಿ ಶ್ರೀರಾಮ್ ಫೈನಾನ್ಸ್ ಲಿಮಿಟೆಡ್, ಮಾನ್ವಿ - 584123 :-ಹರಾಜು ದಿನಾಂಕ ಮತ್ತು ಸಮಯ: 12-11-2025, 10.30 ಬೆಳಗ್ಗೆ
ಮಾನ್ವಿ – ಎಸ್‌ಟಿಎಫ್
ಹೆಸರು	ಲೋನ್ ನಂಬರ್	ಹೆಸರು	ಲೋನ್ ನಂಬರ್
ರಾಮಣ್ಣ	TMNVBPJ2505300002		
ಹರಾಜು : ಈ ಕೆಳಗಿನ ವಿಳಾಸದಲ್ಲಿ ಶ್ರೀರಾಮ್ ಫೈನಾನ್ಸ್ ಲಿಮಿಟೆಡ್, ಮುದ್ದೇಬಿಹಾಳ - 586212 :-ಹರಾಜು ದಿನಾಂಕ ಮತ್ತು ಸಮಯ: 12-11-2025, 10.30 ಬೆಳಗ್ಗೆ
ಮುದ್ದೇಬಿಹಾಳ – ಎಸ್‌ಟಿಎಫ್
ಹೆಸರು	ಲೋನ್ ನಂಬರ್	ಹೆಸರು	ಲೋನ್ ನಂಬರ್
ಮಹಾಂತೇಶ	THDOLPJ2505030001	ಶಾಂತಪ್ಪ	THDOLPJ2505150001
ಹರಾಜು : ಈ ಕೆಳಗಿನ ವಿಳಾಸದಲ್ಲಿ ಶ್ರೀರಾಮ್ ಫೈನಾನ್ಸ್ ಲಿಮಿಟೆಡ್, ಸಿರುಗುಪ್ಪ - 583121 :-ಹರಾಜು ದಿನಾಂಕ ಮತ್ತು ಸಮಯ: 12-11-2025, 10.30 ಬೆಳಗ್ಗೆ
ಸಿರುಗುಪ್ಪ – ಎಸ್‌ಟಿಎಫ್
ಹೆಸರು	ಲೋನ್ ನಂಬರ್	ಹೆಸರು	ಲೋನ್ ನಂಬರ್
ಶೇಖರ	TSHABPJ2505260001	ಹುಸೇನಪ್ಪ	TSHABPJ2505080004
ರಾಜು	TSHABPJ2505090001	ಮಲ್ಲಿಕಾರ್ಜುನ	TSHABPJ2505270003
ಹರಾಜು : ಈ ಕೆಳಗಿನ ವಿಳಾಸದಲ್ಲಿ ಶ್ರೀರಾಮ್ ಫೈನಾನ್ಸ್ ಲಿಮಿಟೆಡ್, ಶಹಾಪುರ - 585223 :-ಹರಾಜು ದಿನಾಂಕ ಮತ್ತು ಸಮಯ: 12-11-2025, 10.30 ಬೆಳಗ್ಗೆ
ಶಹಾಪುರ ಶಾಖೆ
ಹೆಸರು	ಲೋನ್ ನಂಬರ್	ಹೆಸರು	ಲೋನ್ ನಂಬರ್
ಶರಣಪ್ಪ	SHRPUPJ2502130002	ಮಲ್ಲಪ್ಪ	SHRPUPJ2501100002
ಬಸವರಾಜ	SHRPUPJ2502120003		
ಹರಾಜು : ಈ ಕೆಳಗಿನ ವಿಳಾಸದಲ್ಲಿ ಶ್ರೀರಾಮ್ ಫೈನಾನ್ಸ್ ಲಿಮಿಟೆಡ್, ಸಿಂದಗಿ - 586128 :-ಹರಾಜು ದಿನಾಂಕ ಮತ್ತು ಸಮಯ: 12-11-2025, 10.30 ಬೆಳಗ್ಗೆ
ಸಿಂದಗಿ – ಎಸ್‌ಟಿಎಫ್
ಹೆಸರು	ಲೋನ್ ನಂಬರ್	ಹೆಸರು	ಲೋನ್ ನಂಬರ್
ಶ್ರೀಶೈಲ	TSIDGPJ2505170005	ಸಿದ್ದಪ್ಪ	TSIDGPJ2505170005
ಮಲ್ಲಿಕಾರ್ಜುನ	TSIDGPJ2505170002	ರಾಮಣ್ಣ	TSIDGPJ2505220005
ಗುರುಲಿಂಗಪ್ಪ	TSIDGPJ2505170003	ಶಿವಾನಂದ	TSIDGPJ2505070006
ಭೀಮಪ್ಪ	TSIDGPJ2505280002	ಚನ್ನಪ್ಪ	TSIDGPJ2411070001
ಸಂಗಪ್ಪ	TSIDGPJ2505280006	ಮಾಳಪ್ಪ	TSIDGPJ2505240003
ಯಲ್ಲಪ್ಪ	TSIDGPJ2505140003		
ಹಣಮಂತ	TSIDGPJ2505310001		
ಹರಾಜು : ಈ ಕೆಳಗಿನ ವಿಳಾಸದಲ್ಲಿ ಶ್ರೀರಾಮ್ ಫೈನಾನ್ಸ್ ಲಿಮಿಟೆಡ್, ಸಿಂಧನೂರು - 584128 :-ಹರಾಜು ದಿನಾಂಕ ಮತ್ತು ಸಮಯ: 12-11-2025, 10.30 ಬೆಳಗ್ಗೆ
ಸಿಂಧನೂರು 1
ಹೆಸರು	ಲೋನ್ ನಂಬರ್	ಹೆಸರು	ಲೋನ್ ನಂಬರ್
ಶರಣಬಸವ	QSDHIPJ2505310002		
ಹರಾಜು : ಈ ಕೆಳಗಿನ ವಿಳಾಸದಲ್ಲಿ ಶ್ರೀರಾಮ್ ಫೈನಾನ್ಸ್ ಲಿಮಿಟೆಡ್, ತೋರಣಗಲ್ಲು - 583123 :-ಹರಾಜು ದಿನಾಂಕ ಮತ್ತು ಸಮಯ: 12-11-2025, 10.30 ಬೆಳಗ್ಗೆ
ತೋರಣಗಲ್ಲು – ಎಸ್‌ಟಿಎಫ್
ಹೆಸರು	ಲೋನ್ ನಂಬರ್	ಹೆಸರು	ಲೋನ್ ನಂಬರ್
ಮಂಜುನಾಥ	TTORGPJ2505260001	ರಾಘವೇಂದ್ರ	TTORGPJ2505260002
ಹನುಮಂತ	TTORGPJ2505030001	ಶಿವಕುಮಾರ	TTORGPJ2505280001
ಗೋವಿಂದ	TTORGPJ2505310003	ಕರಿಬಸಪ್ಪ	TTORGPJ2505260002
ಯರ್ರಿಸ್ವಾಮಿ	TTORGPJ2505190003	ರಮೇಶ	TTORGPJ2505280001
ಲಕ್ಷ್ಮಿ	TTORGPJ2505290003		
ಹರಾಜು : ಈ ಕೆಳಗಿನ ವಿಳಾಸದಲ್ಲಿ ಶ್ರೀರಾಮ್ ಫೈನಾನ್ಸ್ ಲಿಮಿಟೆಡ್, ವಿಜಯಪುರ - 586101 :-ಹರಾಜು ದಿನಾಂಕ ಮತ್ತು ಸಮಯ: 12-11-2025, 10.30 ಬೆಳಗ್ಗೆ
ವಿಜಯಪುರ
ಹೆಸರು	ಲೋನ್ ನಂಬರ್	ಹೆಸರು	ಲೋನ್ ನಂಬರ್
ಸಿದ್ದರಾಮ	OBIJ1PJ2504100001	ರವೀಂದ್ರ	OBIJ1PJ2504040005
ಮಹಾಂತೇಶ	OBIJ1PJ2504250001	ಶಿವಾನಂದ	OBIJ1PJ2505090005
ಬಸವರಾಜ	OBIJ1PJ2505040001	ಶ್ರೀಶೈಲ	OBIJ1PJ2505270003
ಚಂದ್ರಶೇಖರ	OBIJ1PJ2505250002	ಗುರುಪಾದ	OBIJ1PJ2505190004
ಪ್ರಕಾಶ	OBIJ1PJ2504170007	ಸಂಗಮೇಶ	OBIJ1PJ2505230017
ಅಶೋಕ	OBIJ1PJ2504170005	ಸುರೇಶ	OBIJ1PJ2505190003
ರಾಮಪ್ಪ	OBIJ1PJ2505060001	ಮಲ್ಲಪ್ಪ	OBIJ1PJ2505140005
ನಾಗಪ್ಪ	OBIJ1PJ2505060010	ಹನುಮಂತ	OBIJ1PJ2505110004
ಶಂಕರ	OBIJ1PJ2505170003	ಭೀಮಪ್ಪ	OBIJ1PJ2505260002
ಶರಣಪ್ಪ	OBIJ1PJ2505170004	ಶಿವಪ್ಪ	OBIJ1PJ2505210003
ಗಂಗಪ್ಪ	OBIJ1PJ2505260003	ಸಿದ್ದಪ್ಪ	OBIJ1PJ2505260001
ಲಕ್ಷ್ಮಣ	OBIJ1PJ2505970001		
ಹರಾಜು : ಈ ಕೆಳಗಿನ ವಿಳಾಸದಲ್ಲಿ ಶ್ರೀರಾಮ್ ಫೈನಾನ್ಸ್ ಲಿಮಿಟೆಡ್, ಹುಮನಾಬಾದ್ - 585330 :-ಹರಾಜು ದಿನಾಂಕ ಮತ್ತು ಸಮಯ: 12-11-2025, 10.30 ಬೆಳಗ್ಗೆ
ಹುಮನಾಬಾದ್ – ಎಸ್‌ಟಿಎಫ್
ಹೆಸರು	ಲೋನ್ ನಂಬರ್	ಹೆಸರು	ಲೋನ್ ನಂಬರ್
ಶಿವಕುಮಾರ	THUMNPJ2505190001	ಬಸವರಾಜ	THUMNPJ2505220002
ಹರಾಜು : ಈ ಕೆಳಗಿನ ವಿಳಾಸದಲ್ಲಿ ಶ್ರೀರಾಮ್ ಫೈನಾನ್ಸ್ ಲಿಮಿಟೆಡ್, ಹೂವಿನಹಡಗಲಿ - 583219 :-ಹರಾಜು ದಿನಾಂಕ ಮತ್ತು ಸಮಯ: 12-11-2025, 10.30 ಬೆಳಗ್ಗೆ
ಹೂವಿನಹಡಗಲಿ – ಎಸ್‌ಟಿಎಫ್
ಹೆಸರು	ಲೋನ್ ನಂಬರ್	ಹೆಸರು	ಲೋನ್ ನಂಬರ್
ಕೊಟ್ರಪ್ಪ ಪಿ ಎಂ	THUVIPJ2505140001		
ಹರಾಜು : ಈ ಕೆಳಗಿನ ವಿಳಾಸದಲ್ಲಿ ಶ್ರೀರಾಮ್ ಫೈನಾನ್ಸ್ ಲಿಮಿಟೆಡ್, ಯಾದಗಿರಿ - 585202 :-ಹರಾಜು ದಿನಾಂಕ ಮತ್ತು ಸಮಯ: 12-11-2025, 10.30 ಬೆಳಗ್ಗೆ
ಯಾದಗಿರಿ – ಎಸ್ ಟಿಎಫ್
ಹೆಸರು	ಲೋನ್ ನಂಬರ್	ಹೆಸರು	ಲೋನ್ ನಂಬರ್
ಶರಣಪ್ಪ	QYDGRPJ2501310003	ಮಲ್ಲಿಕಾರ್ಜುನ	QYDGRPJ2504170001
ಬಸವರಾಜ	QYDGRPJ2502200003	ಸಾಬಣ್ಣ	QYDGRPJ2505260001
ಹರಾಜಿನ ದಿನದಂದು ಹರಾಜು ಪೂರ್ಣಗೊಳ್ಳದಿದ್ದಲ್ಲಿ, ಅದನ್ನು ಮುಂದಿನ ದಿನಗಳಲ್ಲಿ ಅದೇ ಸ್ಥಳದಲ್ಲಿ ಮುಂದುವರಿಸಲಾಗುವುದು. ಹರಾಜಿನ ಬಗ್ಗೆ ಹೆಚ್ಚಿನ ಮಾಹಿತಿಗಾಗಿ ಸಂಪರ್ಕಿಸಿ: 8431166309 / 9632758366 / 9900666488. ಹರಾಜು ಮಾರಾಟದ ನಂತರ ಬಾಕಿ ಉಳಿದ ಮೊತ್ತವನ್ನು ಸಂಬಂಧಪಟ್ಟ ಸಾಲಗಾರರಿಂದ ವಸೂಲಿ ಮಾಡಲಾಗುವುದು. ಯಾವುದೇ ಹರಾಜನ್ನು ಕಾರಣ ನೀಡದೆ ರದ್ದುಪಡಿಸುವ ಅಥವಾ ಮುಂದೂಡುವ ಹಕ್ಕನ್ನು ಕಂಪನಿ ಕಾಯ್ದಿರಿಸಿದೆ.
ದಿನಾಂಕ: 15.10.2025	ಸ್ಥಳ:- ಕರ್ನಾಟಕ
ಅಧಿಕೃತ ಅಧಿಕಾರಿ, ಶ್ರೀರಾಮ್ ಫೈನಾನ್ಸ್ ಲಿ.
